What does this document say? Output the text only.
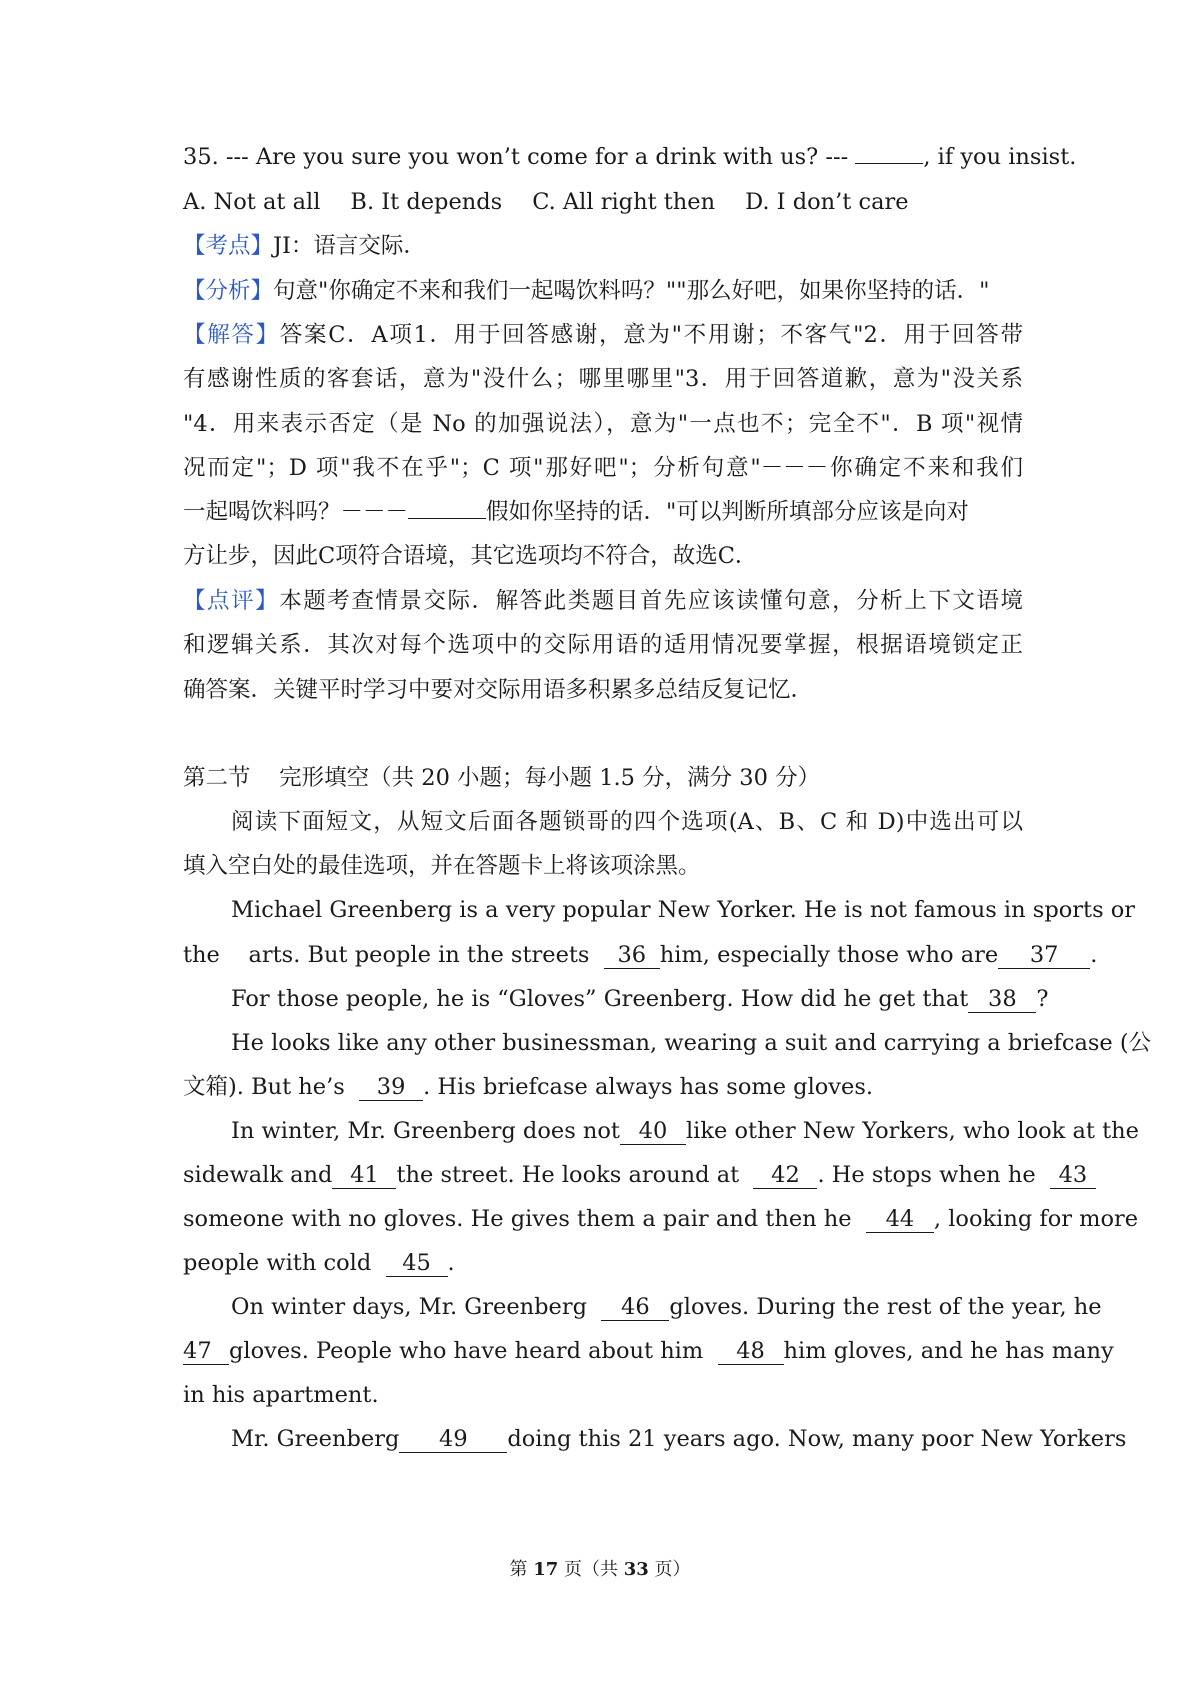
35. --- Are you sure you won’t come for a drink with us? ---	, if you insist.
A. Not at all B. It depends C. All right then D. I don’t care
【考点】JI：语言交际．
【分析】句意"你确定不来和我们一起喝饮料吗？""那么好吧，如果你坚持的话．"
【解答】答案C．A项1．用于回答感谢，意为"不用谢；不客气"2．用于回答带
有感谢性质的客套话，意为"没什么；哪里哪里"3．用于回答道歉，意为"没关系
"4．用来表示否定（是 No 的加强说法），意为"一点也不；完全不"．B 项"视情
况而定"；D 项"我不在乎"；C 项"那好吧"；分析句意"－－－你确定不来和我们
一起喝饮料吗？－－－	假如你坚持的话．"可以判断所填部分应该是向对
方让步，因此C项符合语境，其它选项均不符合，故选C．
【点评】本题考查情景交际．解答此类题目首先应该读懂句意，分析上下文语境
和逻辑关系．其次对每个选项中的交际用语的适用情况要掌握，根据语境锁定正
确答案．关键平时学习中要对交际用语多积累多总结反复记忆．
第二节    完形填空（共 20 小题；每小题 1.5 分，满分 30 分）
阅读下面短文，从短文后面各题锁哥的四个选项(A、B、C 和 D)中选出可以
填入空白处的最佳选项，并在答题卡上将该项涂黑。
Michael Greenberg is a very popular New Yorker. He is not famous in sports or
the    arts. But people in the streets  36 him, especially those who are 37 .
For those people, he is “Gloves” Greenberg. How did he get that 38 ?
He looks like any other businessman, wearing a suit and carrying a briefcase (公
文箱). But he’s  39 . His briefcase always has some gloves.
In winter, Mr. Greenberg does not 40 like other New Yorkers, who look at the
sidewalk and 41 the street. He looks around at  42 . He stops when he  43
someone with no gloves. He gives them a pair and then he  44 , looking for more
people with cold  45 .
On winter days, Mr. Greenberg  46 gloves. During the rest of the year, he
47 gloves. People who have heard about him  48 him gloves, and he has many
in his apartment.
Mr. Greenberg 49 doing this 21 years ago. Now, many poor New Yorkers
第 17 页（共 33 页）
